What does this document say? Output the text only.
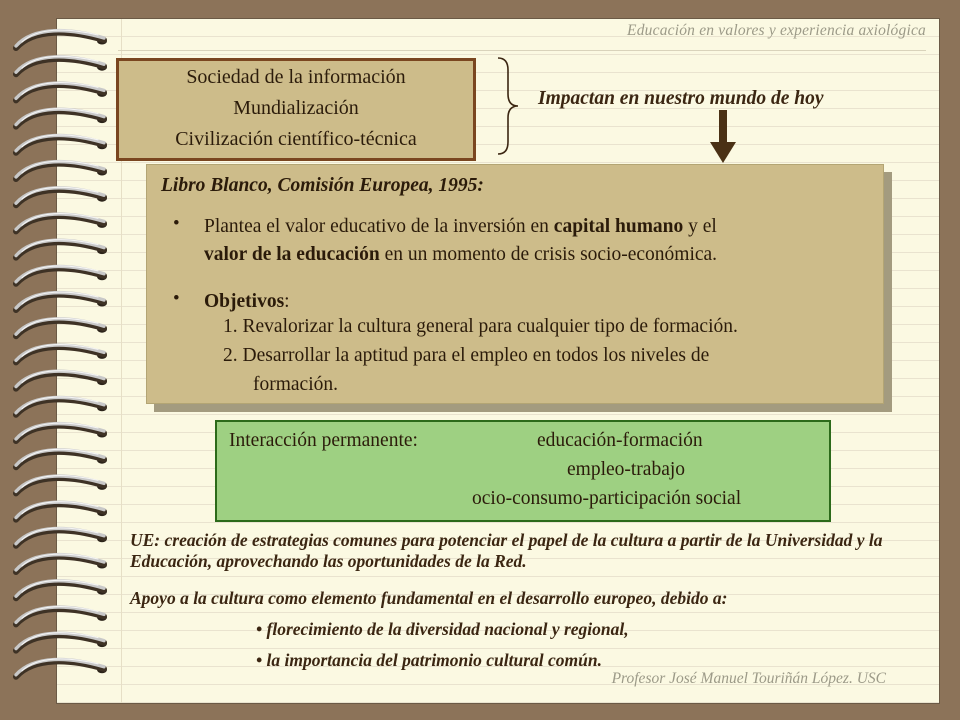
Educación en valores y experiencia axiológica
Sociedad de la información
Mundialización
Civilización científico-técnica
Impactan en nuestro mundo de hoy
Libro Blanco, Comisión Europea, 1995:
• Plantea el valor educativo de la inversión en capital humano y el
valor de la educación en un momento de crisis socio-económica.
• Objetivos:
1. Revalorizar la cultura general para cualquier tipo de formación.
2. Desarrollar la aptitud para el empleo en todos los niveles de
formación.
Interacción permanente:	educación-formación
empleo-trabajo
ocio-consumo-participación social
UE: creación de estrategias comunes para potenciar el papel de la cultura a partir de la Universidad y la Educación, aprovechando las oportunidades de la Red.
Apoyo a la cultura como elemento fundamental en el desarrollo europeo, debido a:
• florecimiento de la diversidad nacional y regional,
• la importancia del patrimonio cultural común.
Profesor José Manuel Touriñán López. USC
